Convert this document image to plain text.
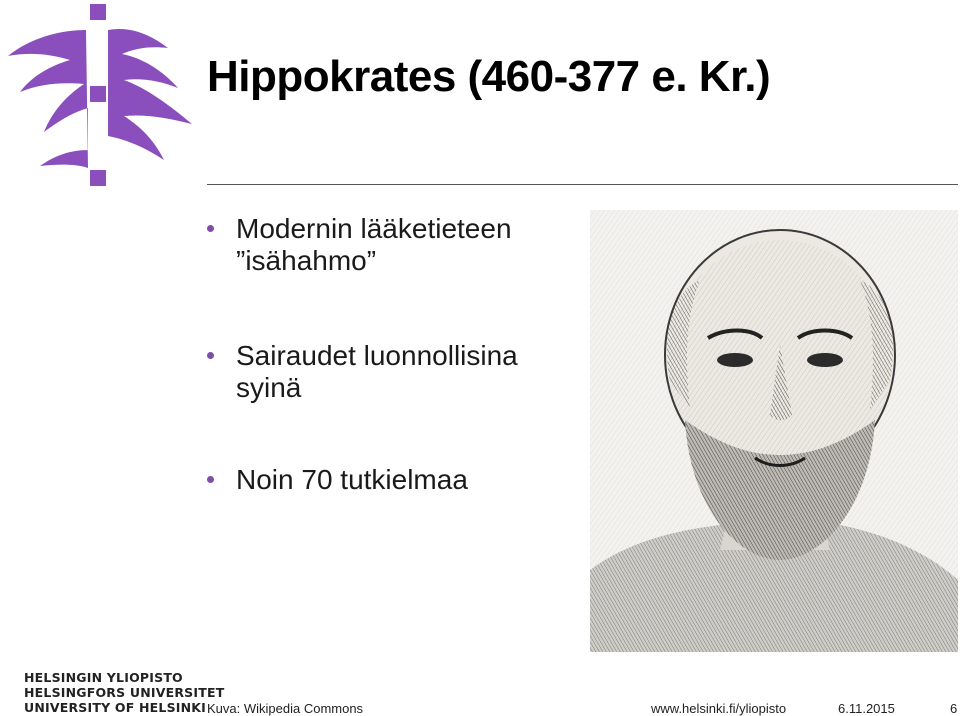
Hippokrates (460-377 e. Kr.)
Modernin lääketieteen
”isähahmo”
Sairaudet luonnollisina
syinä
Noin 70 tutkielmaa
HELSINGIN YLIOPISTO
HELSINGFORS UNIVERSITET
UNIVERSITY OF HELSINKI Kuva: Wikipedia Commons	www.helsinki.fi/yliopisto	6.11.2015	6
